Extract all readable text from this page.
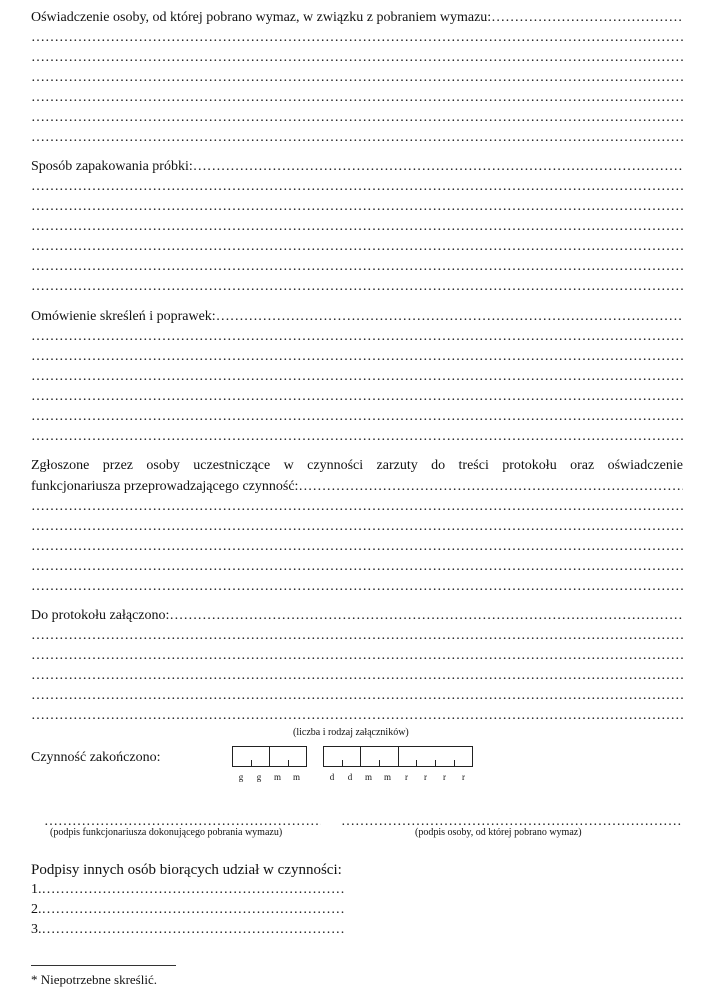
Oświadczenie osoby, od której pobrano wymaz, w związku z pobraniem wymazu:
……………………………………………………………………………………………………………………………………………………………………………
……………………………………………………………………………………………………………………………………………………………
……………………………………………………………………………………………………………………………………………………………
……………………………………………………………………………………………………………………………………………………………
……………………………………………………………………………………………………………………………………………………………
……………………………………………………………………………………………………………………………………………………………
……………………………………………………………………………………………………………………………………………………………
Sposób zapakowania próbki:
……………………………………………………………………………………………………………………………………………………………………………
……………………………………………………………………………………………………………………………………………………………
……………………………………………………………………………………………………………………………………………………………
……………………………………………………………………………………………………………………………………………………………
……………………………………………………………………………………………………………………………………………………………
……………………………………………………………………………………………………………………………………………………………
……………………………………………………………………………………………………………………………………………………………
Omówienie skreśleń i poprawek:
……………………………………………………………………………………………………………………………………………………………………………
……………………………………………………………………………………………………………………………………………………………
……………………………………………………………………………………………………………………………………………………………
……………………………………………………………………………………………………………………………………………………………
……………………………………………………………………………………………………………………………………………………………
……………………………………………………………………………………………………………………………………………………………
……………………………………………………………………………………………………………………………………………………………
Zgłoszone przez osoby uczestniczące w czynności zarzuty do treści protokołu oraz oświadczenie
funkcjonariusza przeprowadzającego czynność:
……………………………………………………………………………………………………………………………………………………………………………
……………………………………………………………………………………………………………………………………………………………
……………………………………………………………………………………………………………………………………………………………
……………………………………………………………………………………………………………………………………………………………
……………………………………………………………………………………………………………………………………………………………
……………………………………………………………………………………………………………………………………………………………
Do protokołu załączono:
……………………………………………………………………………………………………………………………………………………………………………
……………………………………………………………………………………………………………………………………………………………
……………………………………………………………………………………………………………………………………………………………
……………………………………………………………………………………………………………………………………………………………
……………………………………………………………………………………………………………………………………………………………
……………………………………………………………………………………………………………………………………………………………
(liczba i rodzaj załączników)
Czynność zakończono:
g g m m	d d m m r r r r
……………………………………………………………………………………
……………………………………………………………………………………
(podpis funkcjonariusza dokonującego pobrania wymazu)	(podpis osoby, od której pobrano wymaz)
Podpisy innych osób biorących udział w czynności:
1.
……………………………………………………………………………………………………………………………………………………………………………
2.
……………………………………………………………………………………………………………………………………………………………………………
3.
……………………………………………………………………………………………………………………………………………………………………………
* Niepotrzebne skreślić.
